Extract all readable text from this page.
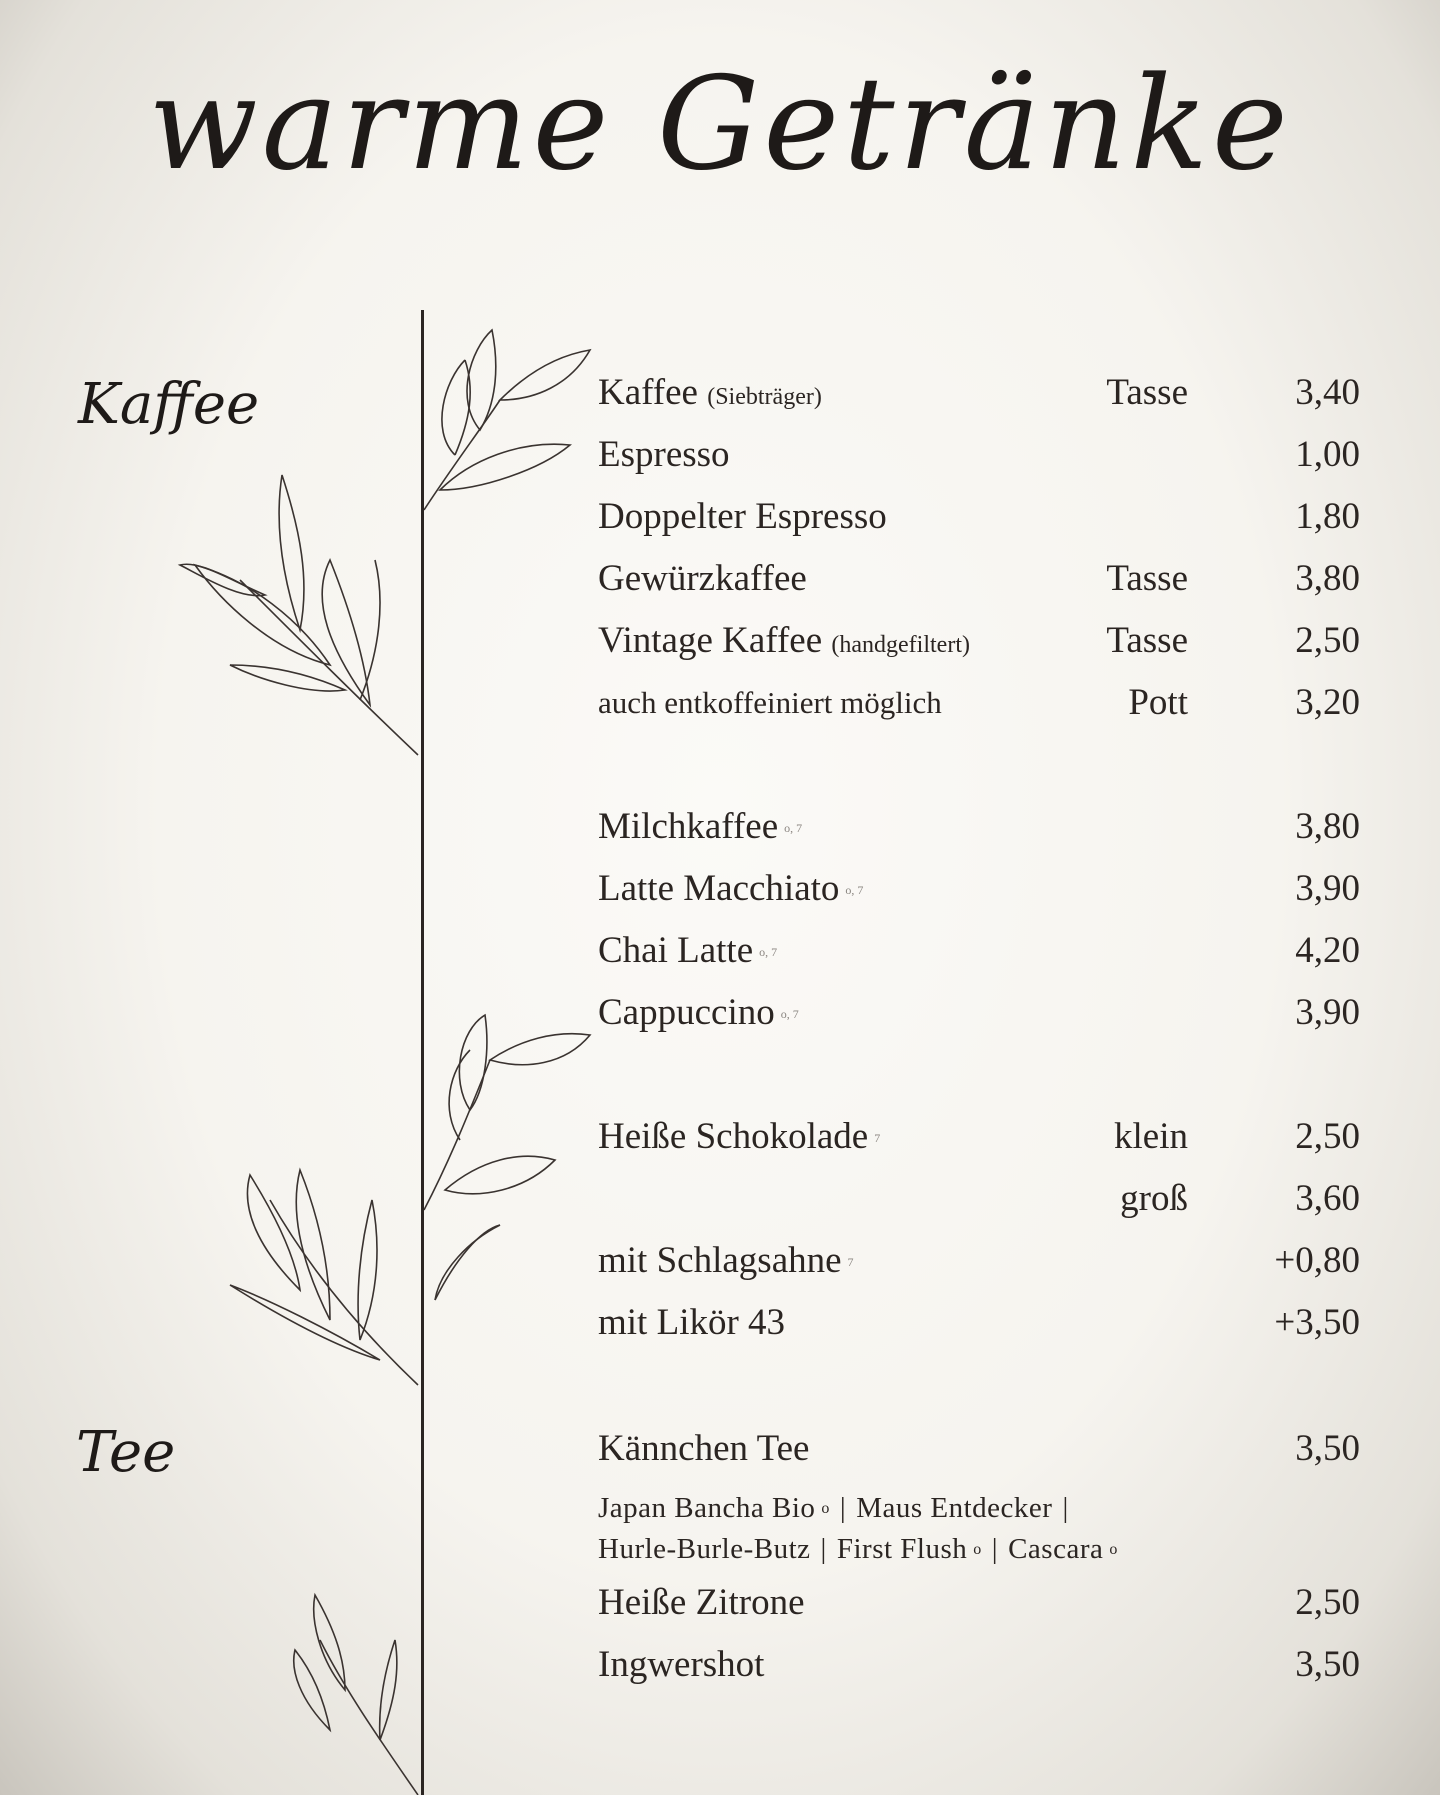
warme Getränke
Kaffee
Tee
Kaffee (Siebträger)	Tasse	3,40
Espresso	1,00
Doppelter Espresso	1,80
Gewürzkaffee	Tasse	3,80
Vintage Kaffee (handgefiltert)	Tasse	2,50
auch entkoffeiniert möglich	Pott	3,20
Milchkaffee o, 7	3,80
Latte Macchiato o, 7	3,90
Chai Latte o, 7	4,20
Cappuccino o, 7	3,90
Heiße Schokolade 7	klein	2,50
groß	3,60
mit Schlagsahne 7	+0,80
mit Likör 43	+3,50
Kännchen Tee	3,50
Japan Bancha Bio o | Maus Entdecker |
Hurle-Burle-Butz | First Flush o | Cascara o
Heiße Zitrone	2,50
Ingwershot	3,50
